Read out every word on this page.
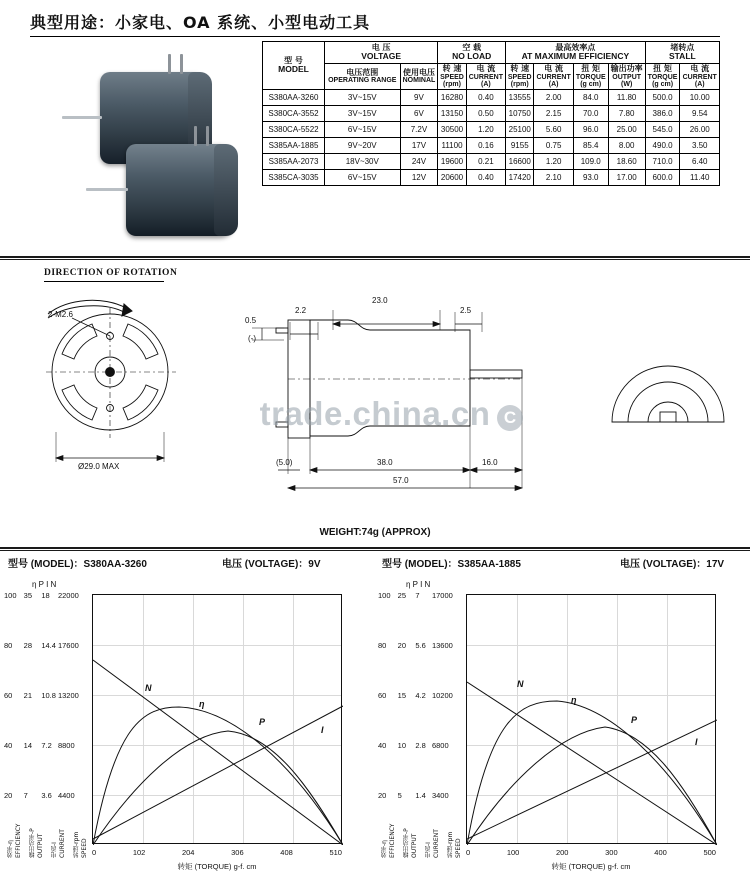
典型用途：小家电、OA 系统、小型电动工具
型 号
MODEL

电 压
VOLTAGE

空 载
NO LOAD

最高效率点
AT MAXIMUM EFFICIENCY

堵转点
STALL

电压范围
OPERATING RANGE

使用电压
NOMINAL

转 速
SPEED
(rpm)

电 流
CURRENT
(A)

转 速
SPEED
(rpm)

电 流
CURRENT
(A)

扭 矩
TORQUE
(g cm)

输出功率
OUTPUT
(W)

扭 矩
TORQUE
(g cm)

电 流
CURRENT
(A)

S380AA-3260	3V~15V	9V	16280	0.40	13555	2.00	84.0	11.80	500.0	10.00
S380CA-3552	3V~15V	6V	13150	0.50	10750	2.15	70.0	7.80	386.0	9.54
S380CA-5522	6V~15V	7.2V	30500	1.20	25100	5.60	96.0	25.00	545.0	26.00
S385AA-1885	9V~20V	17V	11100	0.16	9155	0.75	85.4	8.00	490.0	3.50
S385AA-2073	18V~30V	24V	19600	0.21	16600	1.20	109.0	18.60	710.0	6.40
S385CA-3035	6V~15V	12V	20600	0.40	17420	2.10	93.0	17.00	600.0	11.40
DIRECTION OF ROTATION
2-M2.6
Ø29.0 MAX
0.5
(-)
2.2
23.0
2.5
(5.0)	38.0	16.0
57.0
trade.china.cn C
WEIGHT:74g (APPROX)
型号 (MODEL)：S380AA-3260	电压 (VOLTAGE)：9V	型号 (MODEL)：S385AA-1885	电压 (VOLTAGE)：17V
η P I N
100 35	18	22000
80	28	14.4 17600
60	21	10.8 13200
40	14	7.2 8800
20	7	3.6 4400
效率-η EFFICIENCY 输出功率-P OUTPUT 电流-I CURRENT 转速-rpm SPEED
N
η
P
I
0	102	204	306	408	510
转矩 (TORQUE) g-f. cm
η P I N
100 25	7	17000
80	20	5.6 13600
60	15	4.2 10200
40	10	2.8 6800
20	5	1.4 3400
效率-η EFFICIENCY 输出功率-P OUTPUT 电流-I CURRENT 转速-rpm SPEED
N
η
P
I
0	100	200	300	400	500
转矩 (TORQUE) g-f. cm
